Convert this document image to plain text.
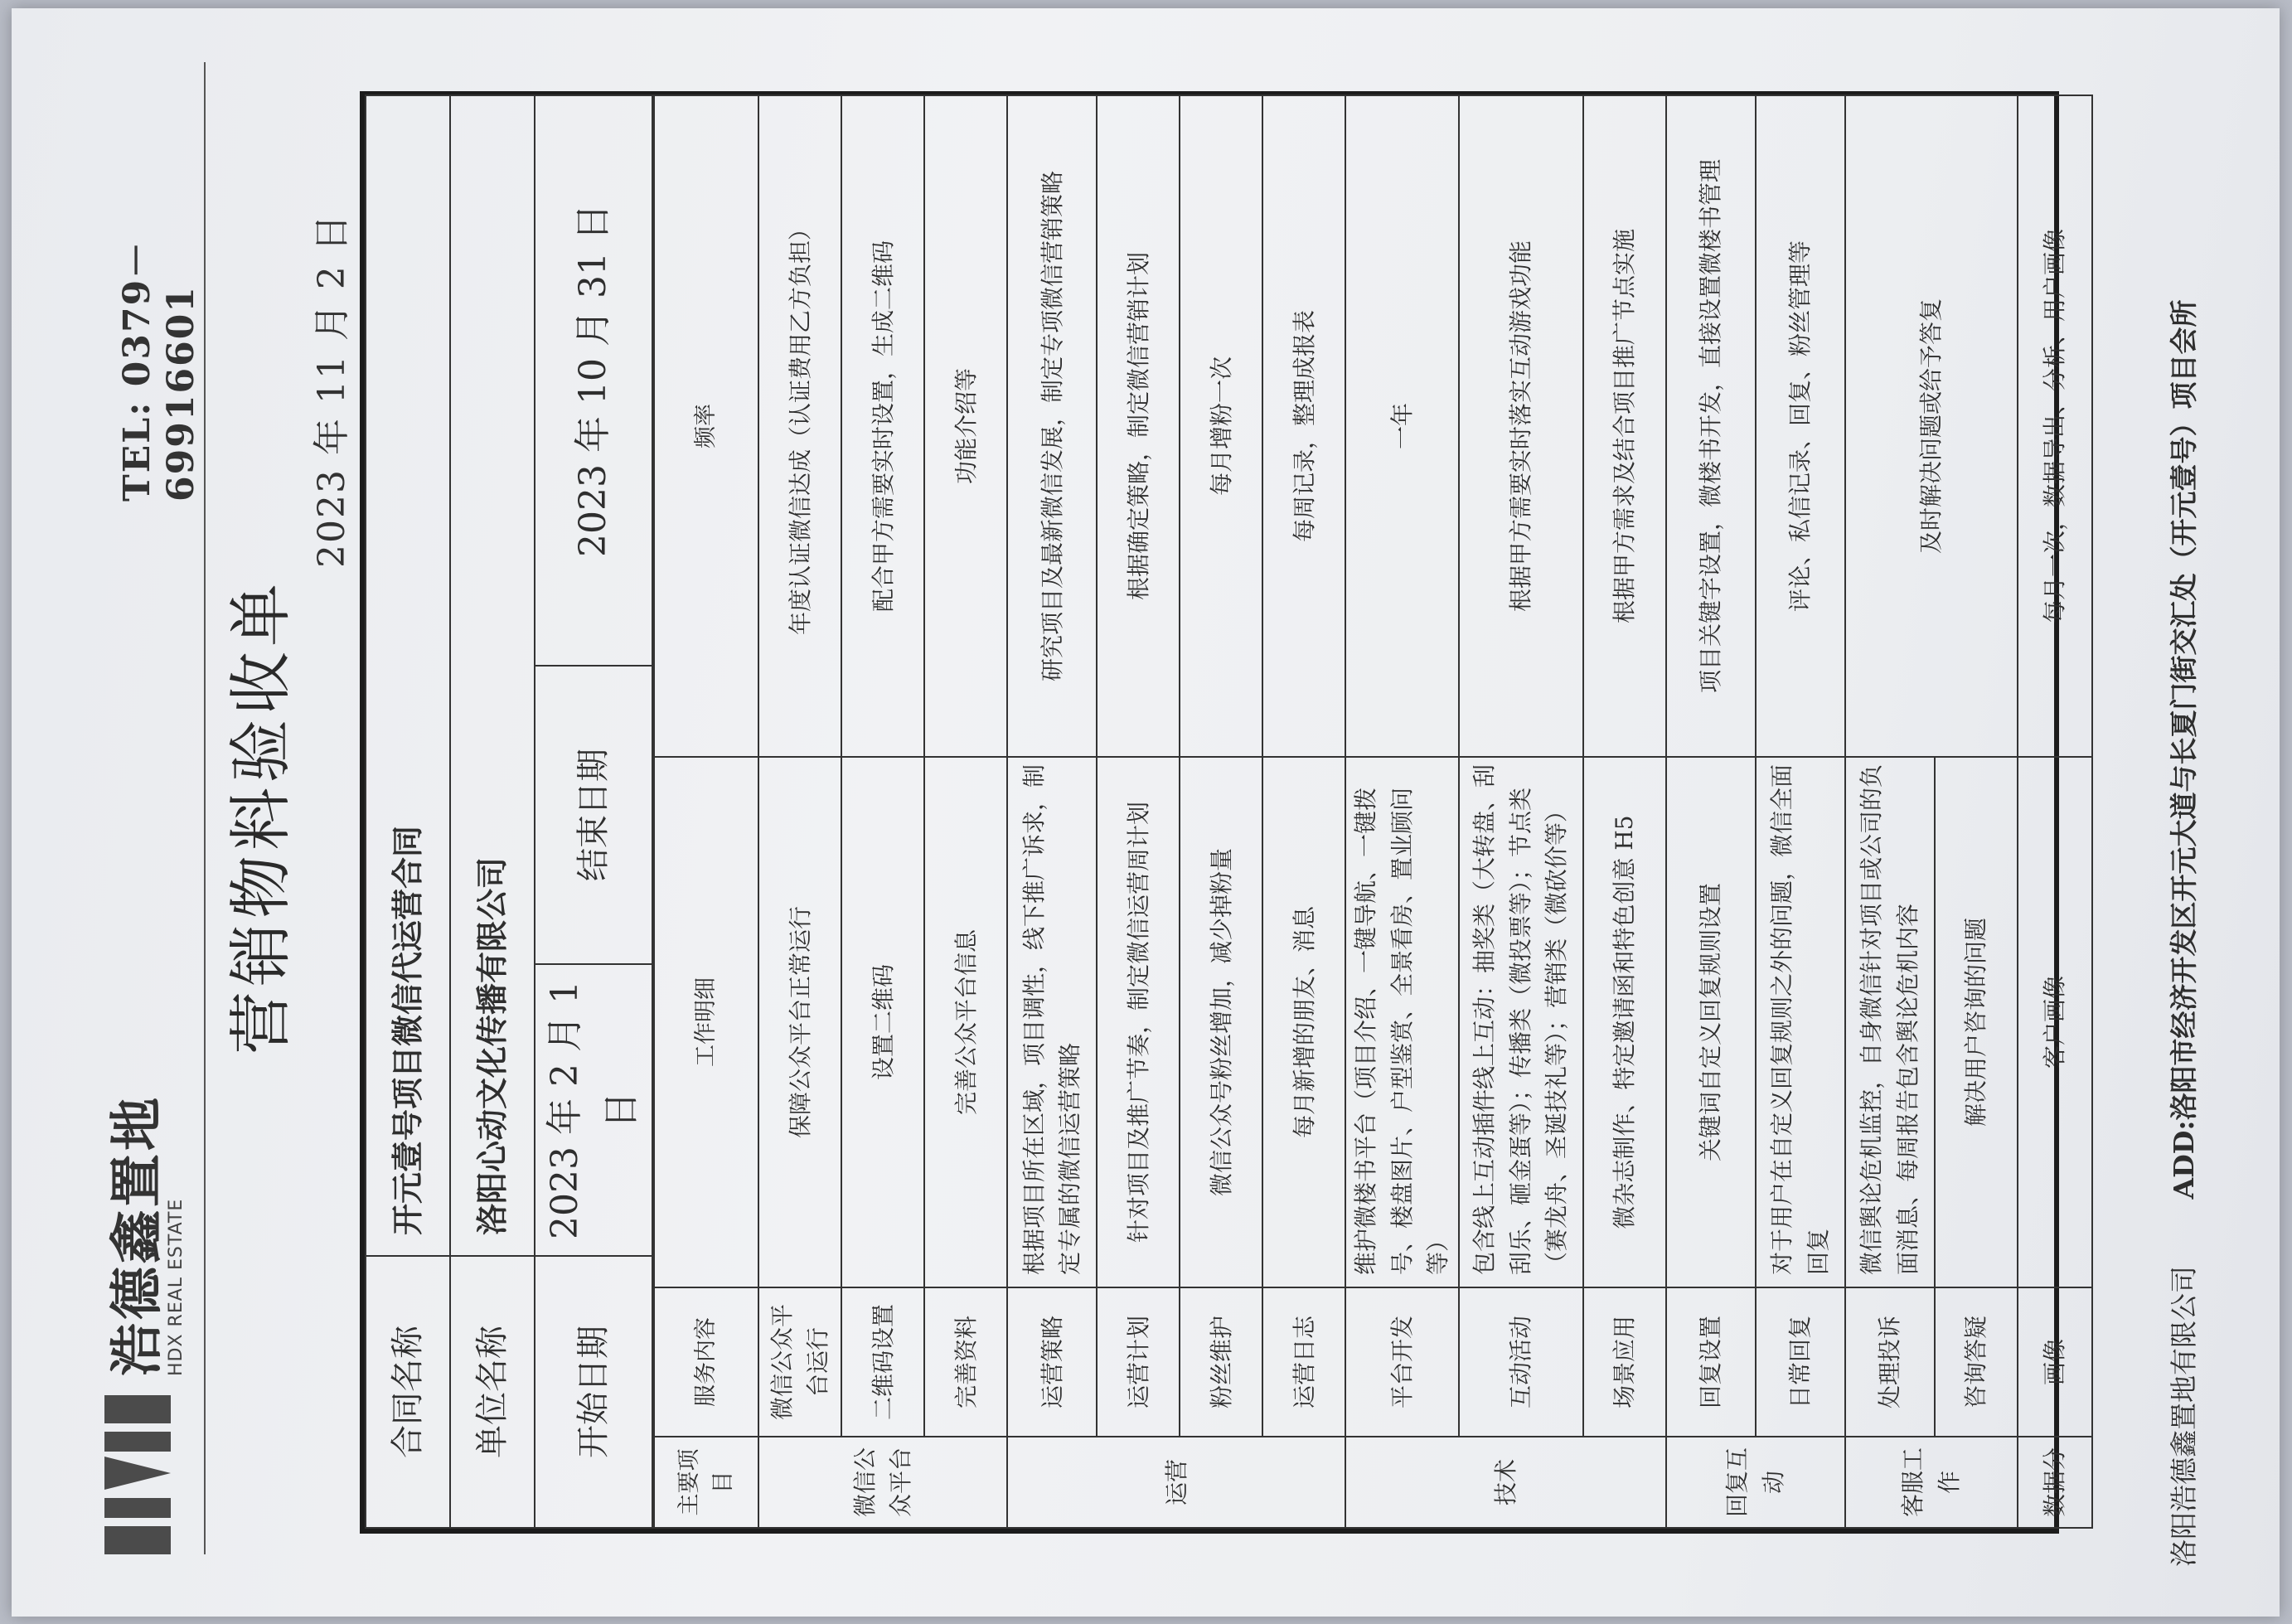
浩德鑫置地
HDX REAL ESTATE
TEL: 0379－69916601
营销物料验收单
2023 年 11 月 2 日
合同名称	开元壹号项目微信代运营合同		
单位名称	洛阳心动文化传播有限公司		
开始日期	2023 年 2 月 1 日	结束日期	2023 年 10 月 31 日
主要项目	服务内容	工作明细	频率
微信公众平台	微信公众平台运行	保障公众平台正常运行	年度认证微信达成（认证费用乙方负担）
	二维码设置	设置二维码	配合甲方需要实时设置，生成二维码
	完善资料	完善公众平台信息	功能介绍等
运营	运营策略	根据项目所在区域，项目调性，线下推广诉求，制定专属的微信运营策略	研究项目及最新微信发展，制定专项微信营销策略
	运营计划	针对项目及推广节奏，制定微信运营周计划	根据确定策略，制定微信营销计划
	粉丝维护	微信公众号粉丝增加，减少掉粉量	每月增粉一次
	运营日志	每月新增的朋友、消息	每周记录，整理成报表
技术	平台开发	维护微楼书平台（项目介绍、一键导航、一键拨号、楼盘图片、户型鉴赏、全景看房、置业顾问等）	一年
	互动活动	包含线上互动插件线上互动：抽奖类（大转盘、刮刮乐、砸金蛋等）；传播类（微投票等）；节点类（赛龙舟、圣诞技礼等）；营销类（微砍价等）	根据甲方需要实时落实互动游戏功能
	场景应用	微杂志制作、特定邀请函和特色创意 H5	根据甲方需求及结合项目推广节点实施
回复互动	回复设置	关键词自定义回复规则设置	项目关键字设置，微楼书开发，直接设置微楼书管理
	日常回复	对于用户在自定义回复规则之外的问题，微信全面回复	评论、私信记录、回复、粉丝管理等
客服工作	处理投诉	微信舆论危机监控，自身微信针对项目或公司的负面消息、每周报告包含舆论危机内容	及时解决问题或给予答复
	咨询答疑	解决用户咨询的问题	
数据分	画像	客户画像	每月一次，数据导出、分析、用户画像
洛阳浩德鑫置地有限公司 ADD:洛阳市经济开发区开元大道与长夏门街交汇处（开元壹号）项目会所
